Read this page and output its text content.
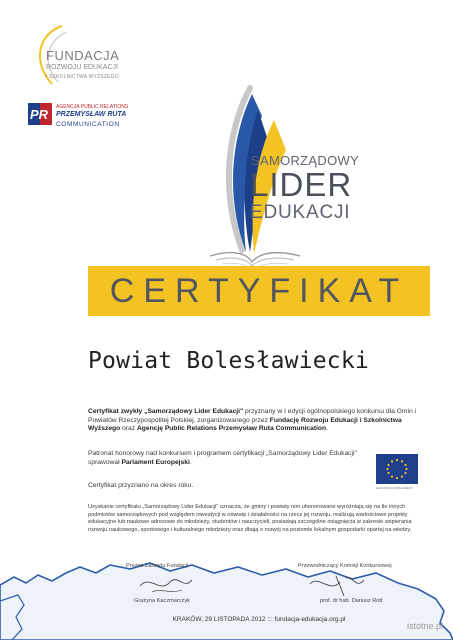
FUNDACJA
ROZWOJU EDUKACJI
I SZKOLNICTWA WYŻSZEGO
PR AGENCJA PUBLIC RELATIONS
PRZEMYSŁAW RUTA
COMMUNICATION
SAMORZĄDOWY
LIDER
EDUKACJI
CERTYFIKAT
Powiat Bolesławiecki
Certyfikat zwykły „Samorządowy Lider Edukacji" przyznany w I edycji ogólnopolskiego konkursu dla Gmin i Powiatów Rzeczypospolitej Polskiej, zorganizowanego przez Fundację Rozwoju Edukacji i Szkolnictwa Wyższego oraz Agencję Public Relations Przemysław Ruta Communication.
Patronat honorowy nad konkursem i programem certyfikacji „Samorządowy Lider Edukacji" sprawował Parlament Europejski.
EUROPEAN PARLIAMENT
Certyfikat przyznano na okres roku.
Uzyskanie certyfikatu „Samorządowy Lider Edukacji" oznacza, że gminy i powiaty nim uhonorowane wyróżniają się na tle innych podmiotów samorządowych pod względem inwestycji w oświatę i działalności na rzecz jej rozwoju, realizują wartościowe projekty edukacyjne lub naukowe adresowe do młodzieży, studentów i nauczycieli, posiadają szczególne osiągnięcia w zakresie wspierania rozwoju naukowego, sportowego i kulturalnego młodzieży oraz dbają o rozwój na poziomie lokalnym gospodarki opartej na wiedzy.
Prezes Zarządu Fundacji	Przewodniczący Komisji Konkursowej
Grażyna Kaczmarczyk	prof. dr hab. Dariusz Rott
KRAKÓW, 29 LISTOPADA 2012 ::: fundacja-edukacja.org.pl
istotne.pl
